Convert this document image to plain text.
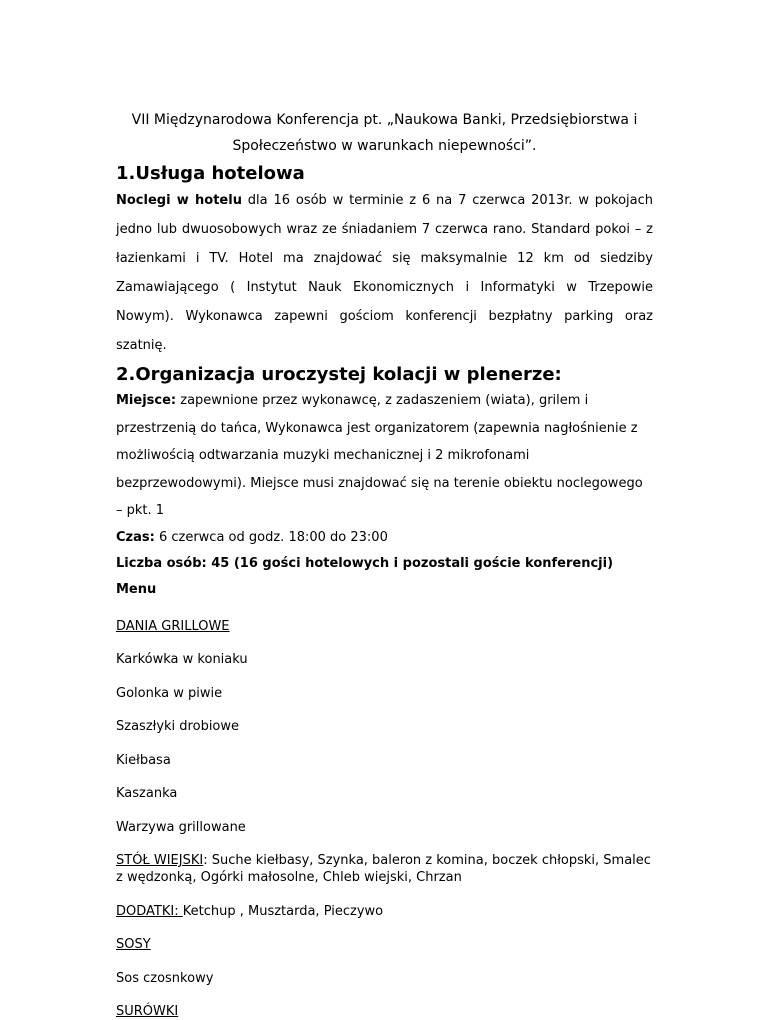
VII Międzynarodowa Konferencja pt. „Naukowa Banki, Przedsiębiorstwa i
Społeczeństwo w warunkach niepewności”.

1.Usługa hotelowa

Noclegi w hotelu dla 16 osób w terminie z 6 na 7 czerwca 2013r. w pokojach jedno lub dwuosobowych wraz ze śniadaniem 7 czerwca rano. Standard pokoi – z łazienkami i TV. Hotel ma znajdować się maksymalnie 12 km od siedziby Zamawiającego ( Instytut Nauk Ekonomicznych i Informatyki w Trzepowie Nowym). Wykonawca zapewni gościom konferencji bezpłatny parking oraz szatnię.

2.Organizacja uroczystej kolacji w plenerze:

Miejsce: zapewnione przez wykonawcę, z zadaszeniem (wiata), grilem i przestrzenią do tańca, Wykonawca jest organizatorem (zapewnia nagłośnienie z możliwością odtwarzania muzyki mechanicznej i 2 mikrofonami bezprzewodowymi). Miejsce musi znajdować się na terenie obiektu noclegowego – pkt. 1

Czas: 6 czerwca od godz. 18:00 do 23:00

Liczba osób: 45 (16 gości hotelowych i pozostali goście konferencji)

Menu

DANIA GRILLOWE

Karkówka w koniaku

Golonka w piwie

Szaszłyki drobiowe

Kiełbasa

Kaszanka

Warzywa grillowane

STÓŁ WIEJSKI: Suche kiełbasy, Szynka, baleron z komina, boczek chłopski, Smalec z wędzonką, Ogórki małosolne, Chleb wiejski, Chrzan

DODATKI: Ketchup , Musztarda, Pieczywo

SOSY

Sos czosnkowy

SURÓWKI
